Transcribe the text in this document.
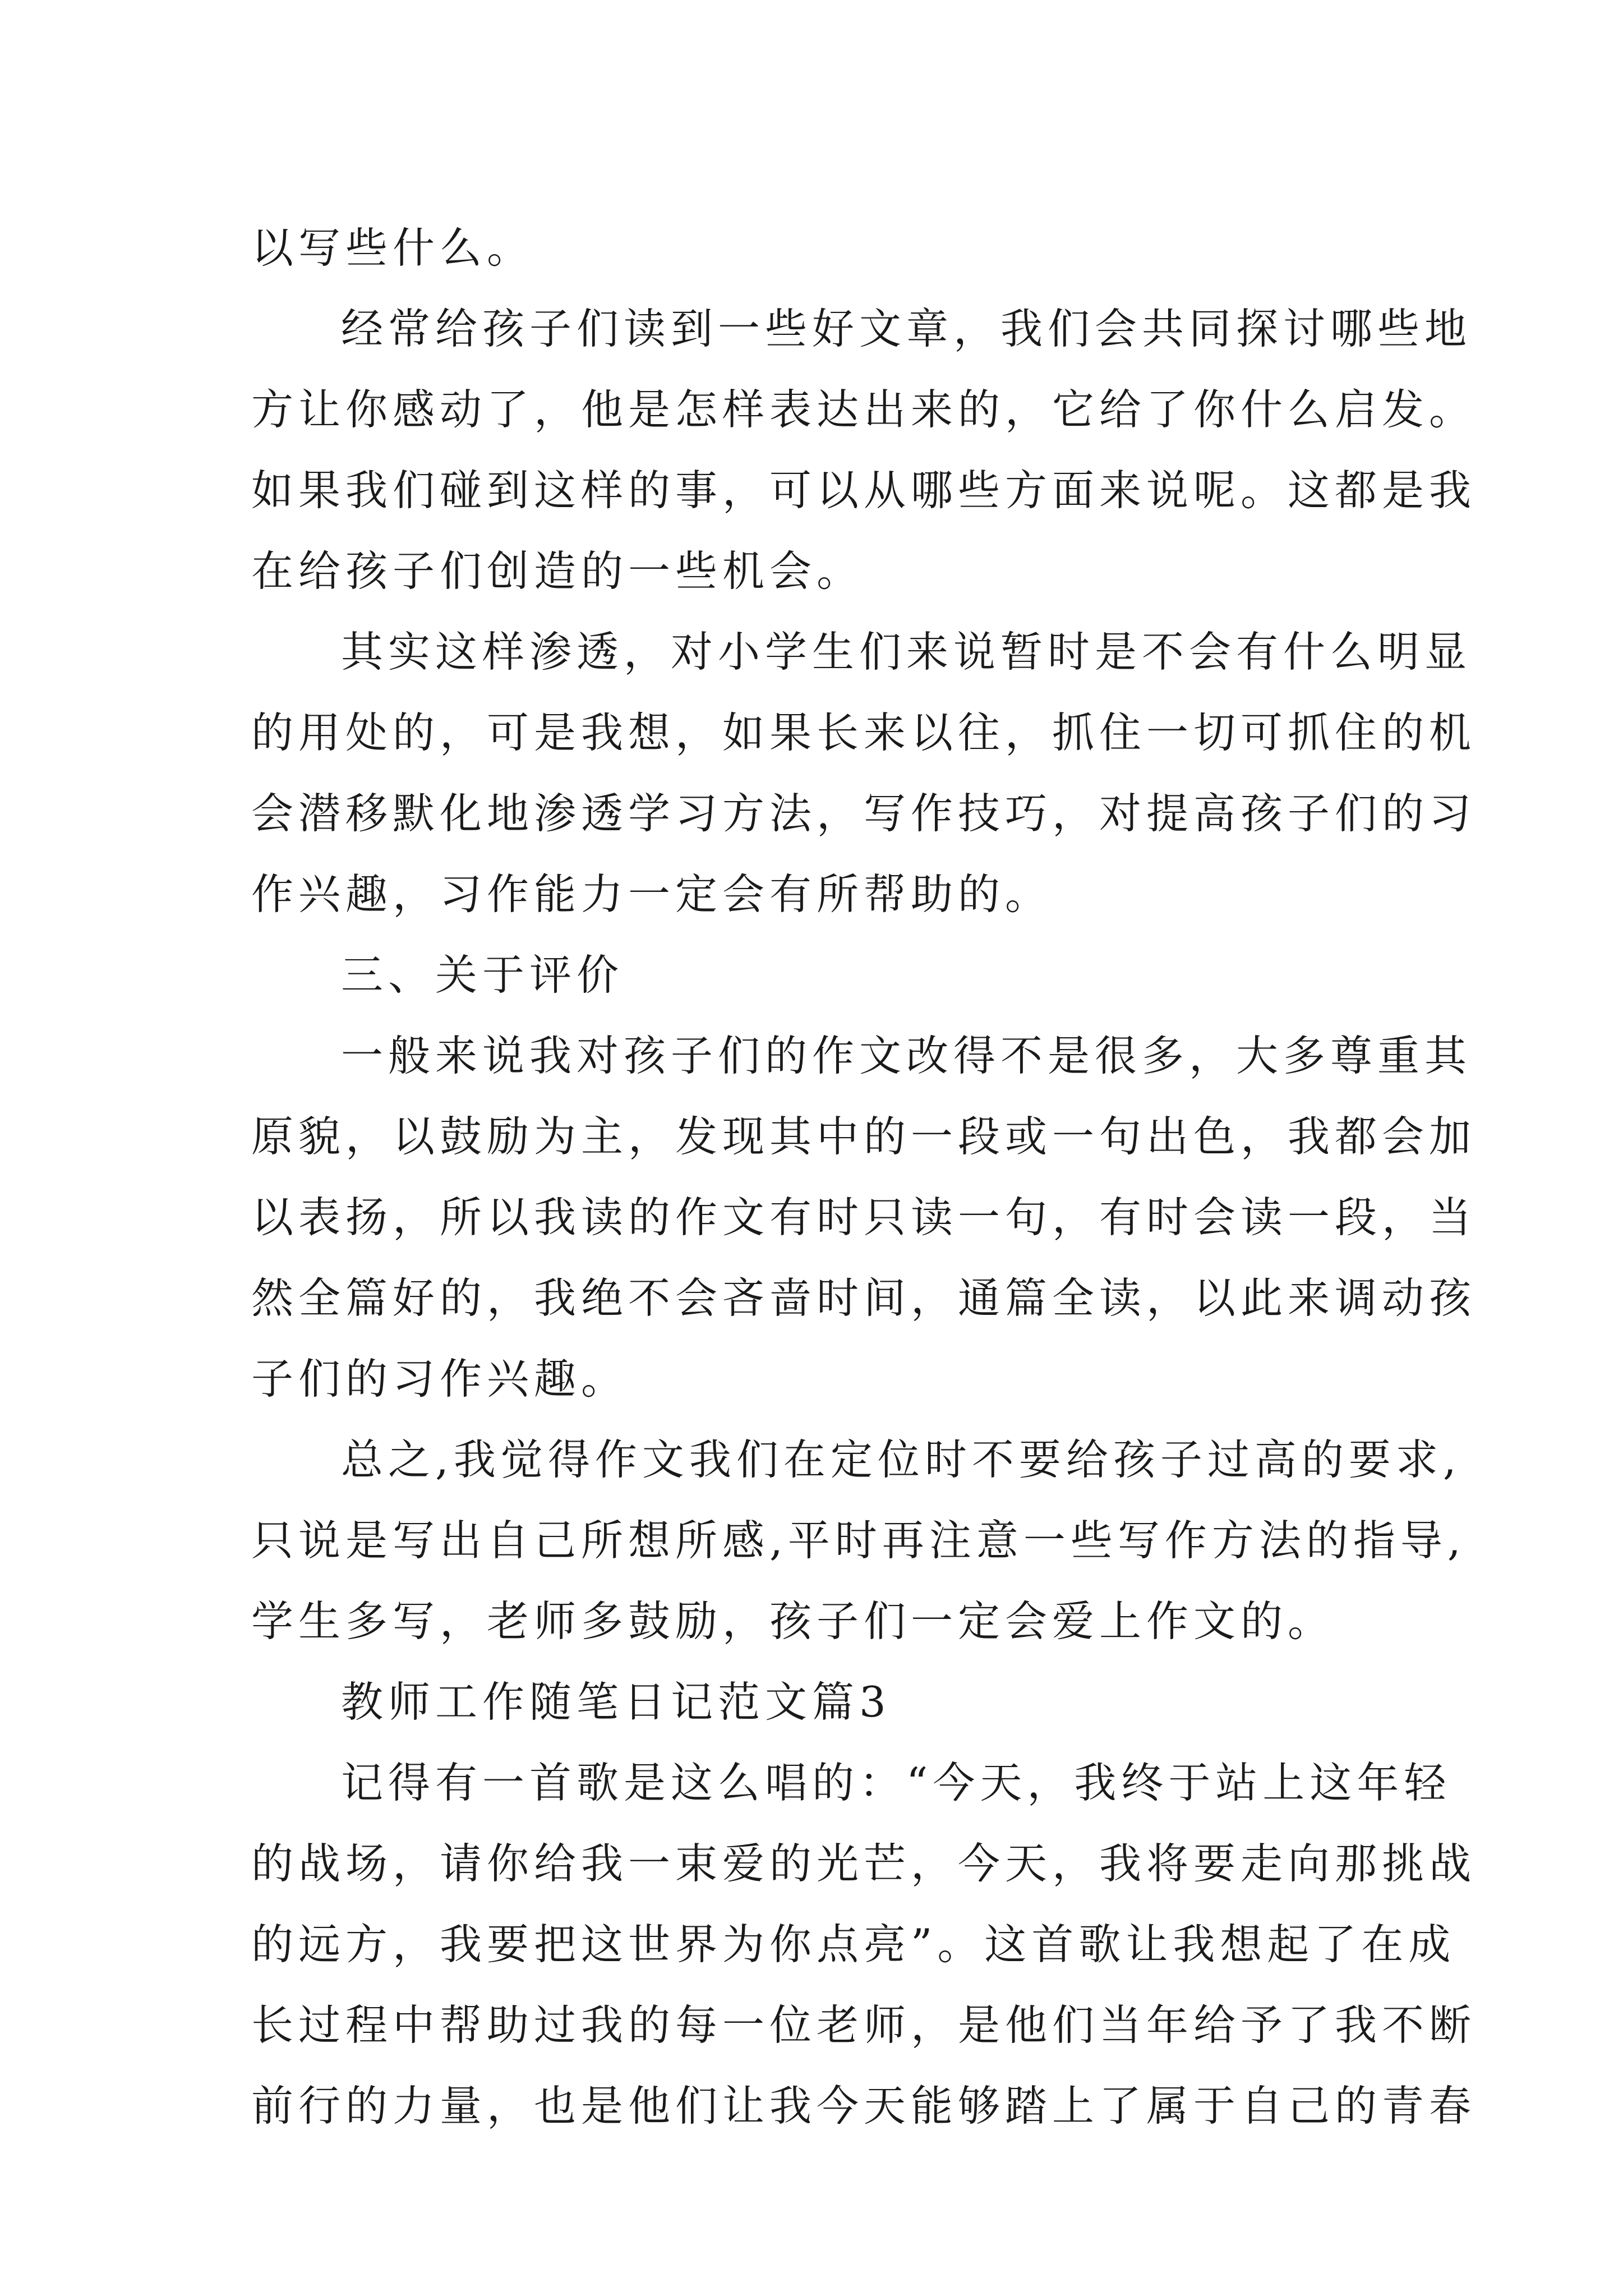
以写些什么。

经常给孩子们读到一些好文章，我们会共同探讨哪些地
方让你感动了，他是怎样表达出来的，它给了你什么启发。
如果我们碰到这样的事，可以从哪些方面来说呢。这都是我
在给孩子们创造的一些机会。

其实这样渗透，对小学生们来说暂时是不会有什么明显
的用处的，可是我想，如果长来以往，抓住一切可抓住的机
会潜移默化地渗透学习方法，写作技巧，对提高孩子们的习
作兴趣，习作能力一定会有所帮助的。

三、关于评价

一般来说我对孩子们的作文改得不是很多，大多尊重其
原貌，以鼓励为主，发现其中的一段或一句出色，我都会加
以表扬，所以我读的作文有时只读一句，有时会读一段，当
然全篇好的，我绝不会吝啬时间，通篇全读，以此来调动孩
子们的习作兴趣。

总之,我觉得作文我们在定位时不要给孩子过高的要求,
只说是写出自己所想所感,平时再注意一些写作方法的指导,
学生多写，老师多鼓励，孩子们一定会爱上作文的。

教师工作随笔日记范文篇3

记得有一首歌是这么唱的：“今天，我终于站上这年轻
的战场，请你给我一束爱的光芒，今天，我将要走向那挑战
的远方，我要把这世界为你点亮”。这首歌让我想起了在成
长过程中帮助过我的每一位老师，是他们当年给予了我不断
前行的力量，也是他们让我今天能够踏上了属于自己的青春
